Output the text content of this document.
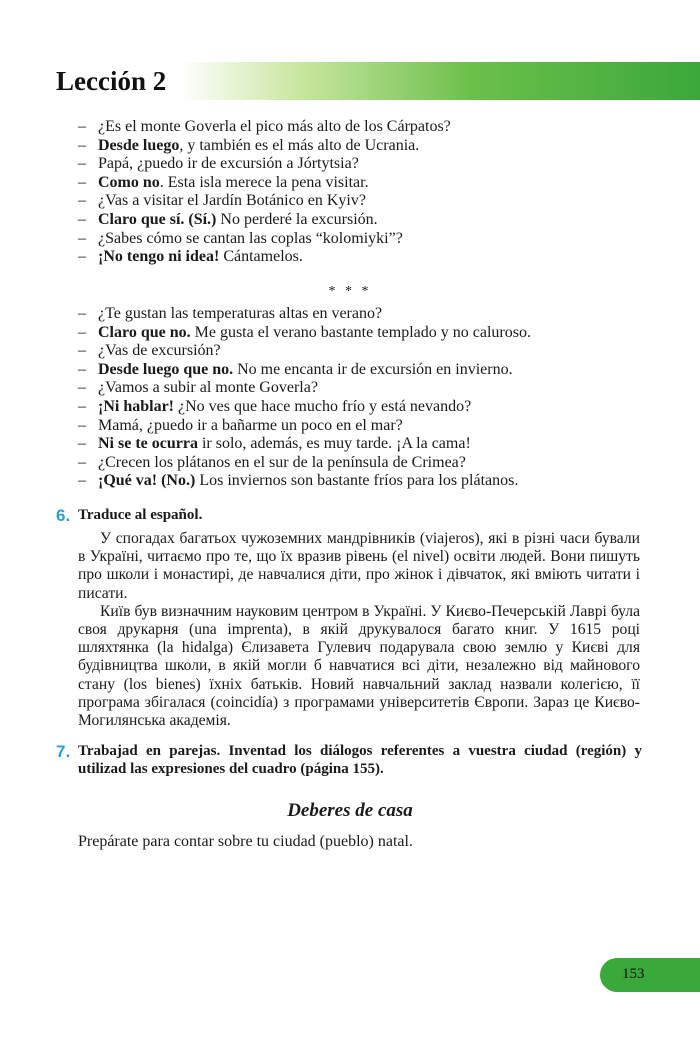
Lección 2
– ¿Es el monte Goverla el pico más alto de los Cárpatos?
– Desde luego, y también es el más alto de Ucrania.
– Papá, ¿puedo ir de excursión a Jórtytsia?
– Como no. Esta isla merece la pena visitar.
– ¿Vas a visitar el Jardín Botánico en Kyiv?
– Claro que sí. (Sí.) No perderé la excursión.
– ¿Sabes cómo se cantan las coplas “kolomiyki”?
– ¡No tengo ni idea! Cántamelos.
* * *
– ¿Te gustan las temperaturas altas en verano?
– Claro que no. Me gusta el verano bastante templado y no caluroso.
– ¿Vas de excursión?
– Desde luego que no. No me encanta ir de excursión en invierno.
– ¿Vamos a subir al monte Goverla?
– ¡Ni hablar! ¿No ves que hace mucho frío y está nevando?
– Mamá, ¿puedo ir a bañarme un poco en el mar?
– Ni se te ocurra ir solo, además, es muy tarde. ¡A la cama!
– ¿Crecen los plátanos en el sur de la península de Crimea?
– ¡Qué va! (No.) Los inviernos son bastante fríos para los plátanos.
6. Traduce al español.

У спогадах багатьох чужоземних мандрівників (viajeros), які в різні часи бували в Україні, читаємо про те, що їх вразив рівень (el nivel) освіти людей. Вони пишуть про школи і монастирі, де навчалися діти, про жінок і дівчаток, які вміють читати і писати.

Київ був визначним науковим центром в Україні. У Києво-Печерській Лаврі була своя друкарня (una imprenta), в якій друкувалося багато книг. У 1615 році шляхтянка (la hidalga) Єлизавета Гулевич подарувала свою землю у Києві для будівництва школи, в якій могли б навчатися всі діти, незалежно від майнового стану (los bienes) їхніх батьків. Новий навчальний заклад назвали колегією, її програма збігалася (coincidía) з програмами університетів Європи. Зараз це Києво-Могилянська академія.

7. Trabajad en parejas. Inventad los diálogos referentes a vuestra ciudad (región) y utilizad las expresiones del cuadro (página 155).
Deberes de casa
Prepárate para contar sobre tu ciudad (pueblo) natal.
153
